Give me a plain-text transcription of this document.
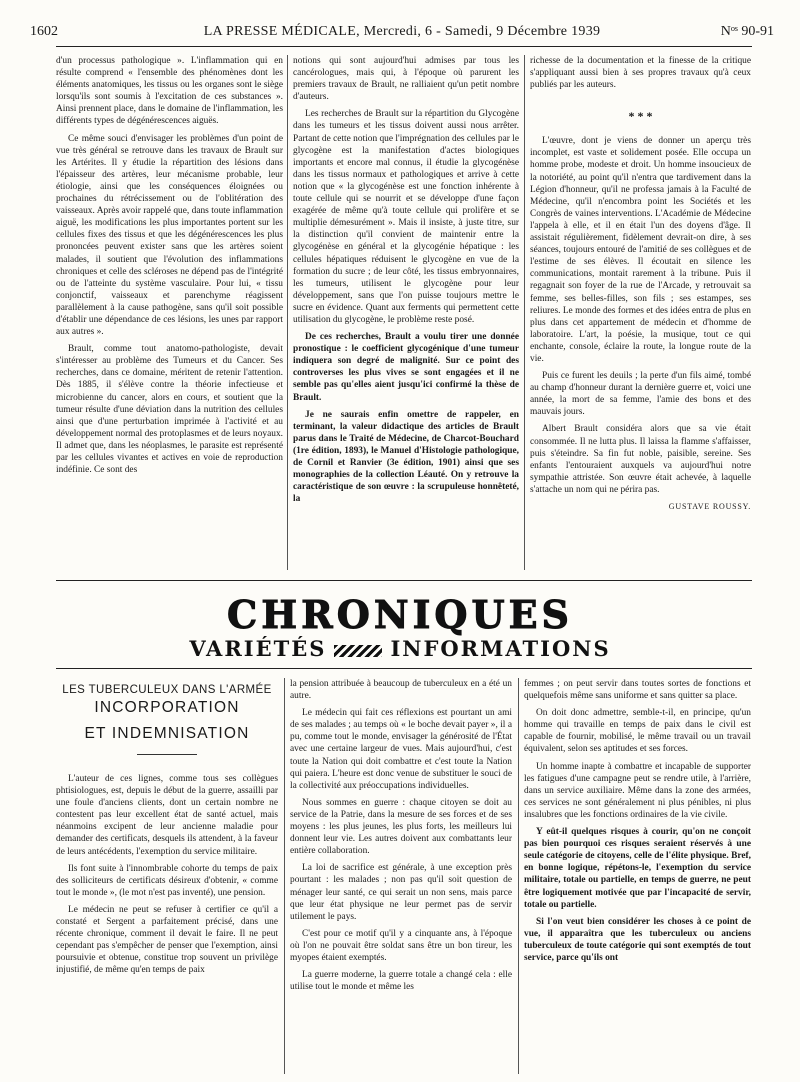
1602	LA PRESSE MÉDICALE, Mercredi, 6 - Samedi, 9 Décembre 1939	Nᵒˢ 90-91

d'un processus pathologique ». L'inflammation qui en résulte comprend « l'ensemble des phénomènes dont les éléments anatomiques, les tissus ou les organes sont le siège lorsqu'ils sont soumis à l'excitation de ces substances ». Ainsi prennent place, dans le domaine de l'inflammation, les différents types de dégénérescences aiguës.

Ce même souci d'envisager les problèmes d'un point de vue très général se retrouve dans les travaux de Brault sur les Artérites. Il y étudie la répartition des lésions dans l'épaisseur des artères, leur mécanisme probable, leur étiologie, ainsi que les conséquences éloignées ou prochaines du rétrécissement ou de l'oblitération des vaisseaux. Après avoir rappelé que, dans toute inflammation aiguë, les modifications les plus importantes portent sur les cellules fixes des tissus et que les dégénérescences les plus prononcées peuvent exister sans que les artères soient malades, il soutient que l'évolution des inflammations chroniques et celle des scléroses ne dépend pas de l'intégrité ou de l'atteinte du système vasculaire. Pour lui, « tissu conjonctif, vaisseaux et parenchyme réagissent parallèlement à la cause pathogène, sans qu'il soit possible d'établir une dépendance de ces lésions, les unes par rapport aux autres ».

Brault, comme tout anatomo-pathologiste, devait s'intéresser au problème des Tumeurs et du Cancer. Ses recherches, dans ce domaine, méritent de retenir l'attention. Dès 1885, il s'élève contre la théorie infectieuse et microbienne du cancer, alors en cours, et soutient que la tumeur résulte d'une déviation dans la nutrition des cellules ainsi que d'une perturbation imprimée à l'activité et au développement normal des protoplasmes et de leurs noyaux. Il admet que, dans les néoplasmes, le parasite est représenté par les cellules vivantes et actives en voie de reproduction indéfinie. Ce sont des

notions qui sont aujourd'hui admises par tous les cancérologues, mais qui, à l'époque où parurent les premiers travaux de Brault, ne ralliaient qu'un petit nombre d'auteurs.

Les recherches de Brault sur la répartition du Glycogène dans les tumeurs et les tissus doivent aussi nous arrêter. Partant de cette notion que l'imprégnation des cellules par le glycogène est la manifestation d'actes biologiques importants et encore mal connus, il étudie la glycogénèse dans les tissus normaux et pathologiques et arrive à cette notion que « la glycogénèse est une fonction inhérente à toute cellule qui se nourrit et se développe d'une façon exagérée de même qu'à toute cellule qui prolifère et se multiplie démesurément ». Mais il insiste, à juste titre, sur la distinction qu'il convient de maintenir entre la glycogénèse en général et la glycogénie hépatique : les cellules hépatiques réduisent le glycogène en vue de la formation du sucre ; de leur côté, les tissus embryonnaires, les tumeurs, utilisent le glycogène pour leur développement, sans que l'on puisse toujours mettre le sucre en évidence. Quant aux ferments qui permettent cette utilisation du glycogène, le problème reste posé.

De ces recherches, Brault a voulu tirer une donnée pronostique : le coefficient glycogénique d'une tumeur indiquera son degré de malignité. Sur ce point des controverses les plus vives se sont engagées et il ne semble pas qu'elles aient jusqu'ici confirmé la thèse de Brault.

Je ne saurais enfin omettre de rappeler, en terminant, la valeur didactique des articles de Brault parus dans le Traité de Médecine, de Charcot-Bouchard (1re édition, 1893), le Manuel d'Histologie pathologique, de Cornil et Ranvier (3e édition, 1901) ainsi que ses monographies de la collection Léauté. On y retrouve la caractéristique de son œuvre : la scrupuleuse honnêteté, la

richesse de la documentation et la finesse de la critique s'appliquant aussi bien à ses propres travaux qu'à ceux publiés par les auteurs.

* * *

L'œuvre, dont je viens de donner un aperçu très incomplet, est vaste et solidement posée. Elle occupa un homme probe, modeste et droit. Un homme insoucieux de la notoriété, au point qu'il n'entra que tardivement dans la Légion d'honneur, qu'il ne professa jamais à la Faculté de Médecine, qu'il n'encombra point les Sociétés et les Congrès de vaines interventions. L'Académie de Médecine l'appela à elle, et il en était l'un des doyens d'âge. Il assistait régulièrement, fidèlement devrait-on dire, à ses séances, toujours entouré de l'amitié de ses collègues et de l'estime de ses élèves. Il écoutait en silence les communications, montait rarement à la tribune. Puis il regagnait son foyer de la rue de l'Arcade, y retrouvait sa femme, ses belles-filles, son fils ; ses estampes, ses reliures. Le monde des formes et des idées entra de plus en plus dans cet appartement de médecin et d'homme de laboratoire. L'art, la poésie, la musique, tout ce qui enchante, console, éclaire la route, la longue route de la vie.

Puis ce furent les deuils ; la perte d'un fils aimé, tombé au champ d'honneur durant la dernière guerre et, voici une année, la mort de sa femme, l'amie des bons et des mauvais jours.

Albert Brault considéra alors que sa vie était consommée. Il ne lutta plus. Il laissa la flamme s'affaisser, puis s'éteindre. Sa fin fut noble, paisible, sereine. Ses enfants l'entouraient auxquels va aujourd'hui notre sympathie attristée. Son œuvre était achevée, à laquelle s'attache un nom qui ne périra pas.

GUSTAVE ROUSSY.
CHRONIQUES
VARIÉTÉS	INFORMATIONS
LES TUBERCULEUX DANS L'ARMÉE
INCORPORATION
ET INDEMNISATION

L'auteur de ces lignes, comme tous ses collègues phtisiologues, est, depuis le début de la guerre, assailli par une foule d'anciens clients, dont un certain nombre ne contestent pas leur excellent état de santé actuel, mais néanmoins excipent de leur ancienne maladie pour demander des certificats, desquels ils attendent, à la faveur de leurs antécédents, l'exemption du service militaire.

Ils font suite à l'innombrable cohorte du temps de paix des solliciteurs de certificats désireux d'obtenir, « comme tout le monde », (le mot n'est pas inventé), une pension.

Le médecin ne peut se refuser à certifier ce qu'il a constaté et Sergent a parfaitement précisé, dans une récente chronique, comment il devait le faire. Il ne peut cependant pas s'empêcher de penser que l'exemption, ainsi poursuivie et obtenue, constitue trop souvent un privilège injustifié, de même qu'en temps de paix

la pension attribuée à beaucoup de tuberculeux en a été un autre.

Le médecin qui fait ces réflexions est pourtant un ami de ses malades ; au temps où « le boche devait payer », il a pu, comme tout le monde, envisager la générosité de l'État avec une certaine largeur de vues. Mais aujourd'hui, c'est toute la Nation qui doit combattre et c'est toute la Nation qui paiera. L'heure est donc venue de substituer le souci de la collectivité aux préoccupations individuelles.

Nous sommes en guerre : chaque citoyen se doit au service de la Patrie, dans la mesure de ses forces et de ses moyens : les plus jeunes, les plus forts, les meilleurs lui donnent leur vie. Les autres doivent aux combattants leur entière collaboration.

La loi de sacrifice est générale, à une exception près pourtant : les malades ; non pas qu'il soit question de ménager leur santé, ce qui serait un non sens, mais parce que leur état physique ne leur permet pas de servir utilement le pays.

C'est pour ce motif qu'il y a cinquante ans, à l'époque où l'on ne pouvait être soldat sans être un bon tireur, les myopes étaient exemptés.

La guerre moderne, la guerre totale a changé cela : elle utilise tout le monde et même les

femmes ; on peut servir dans toutes sortes de fonctions et quelquefois même sans uniforme et sans quitter sa place.

On doit donc admettre, semble-t-il, en principe, qu'un homme qui travaille en temps de paix dans le civil est capable de fournir, mobilisé, le même travail ou un travail équivalent, selon ses aptitudes et ses forces.

Un homme inapte à combattre et incapable de supporter les fatigues d'une campagne peut se rendre utile, à l'arrière, dans un service auxiliaire. Même dans la zone des armées, ces services ne sont généralement ni plus pénibles, ni plus insalubres que les fonctions ordinaires de la vie civile.

Y eût-il quelques risques à courir, qu'on ne conçoit pas bien pourquoi ces risques seraient réservés à une seule catégorie de citoyens, celle de l'élite physique. Bref, en bonne logique, répétons-le, l'exemption du service militaire, totale ou partielle, en temps de guerre, ne peut être logiquement motivée que par l'incapacité de servir, totale ou partielle.

Si l'on veut bien considérer les choses à ce point de vue, il apparaîtra que les tuberculeux ou anciens tuberculeux de toute catégorie qui sont exemptés de tout service, parce qu'ils ont
